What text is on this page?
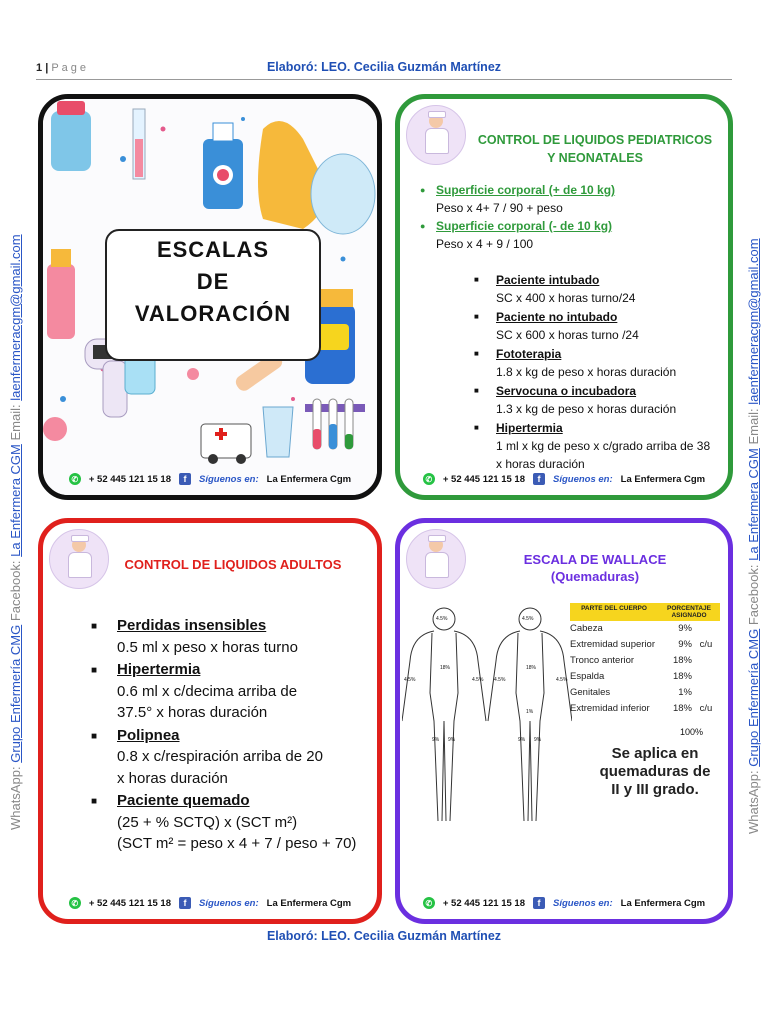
1 | Page	Elaboró: LEO. Cecilia Guzmán Martínez
WhatsApp: Grupo Enfermería CMG Facebook: La Enfermera CGM Email: laenfermeracgm@gmail.com
WhatsApp: Grupo Enfermería CMG Facebook: La Enfermera CGM Email: laenfermeracgm@gmail.com
ESCALAS
DE
VALORACIÓN
✆ + 52 445 121 15 18	f	Síguenos en: La Enfermera Cgm
CONTROL DE LIQUIDOS PEDIATRICOS
Y NEONATALES
● Superficie corporal (+ de 10 kg)
Peso x 4+ 7 / 90 + peso
● Superficie corporal (- de 10 kg)
Peso x 4 + 9 / 100
■ Paciente intubado
SC x 400 x horas turno/24
■ Paciente no intubado
SC x 600 x horas turno /24
■ Fototerapia
1.8 x kg de peso x horas duración
■ Servocuna o incubadora
1.3 x kg de peso x horas duración
■ Hipertermia
1 ml x kg de peso x c/grado arriba de 38 x horas duración
✆ + 52 445 121 15 18	f	Síguenos en: La Enfermera Cgm
CONTROL DE LIQUIDOS ADULTOS
■ Perdidas insensibles
0.5 ml x peso x horas turno
■ Hipertermia
0.6 ml x c/decima arriba de
37.5° x horas duración
■ Polipnea
0.8 x c/respiración arriba de 20
x horas duración
■ Paciente quemado
(25 + % SCTQ) x (SCT m²)
(SCT m² = peso x 4 + 7 / peso + 70)
✆ + 52 445 121 15 18	f	Síguenos en: La Enfermera Cgm
ESCALA DE WALLACE
(Quemaduras)
4.5%	4.5%
18%	18%
4.5%	4.5% 4.5%	4.5%
9% 9%	9% 9%
1%
PARTE DEL CUERPO	PORCENTAJE ASIGNADO
Cabeza	9%
Extremidad superior	9% c/u
Tronco anterior	18%
Espalda	18%
Genitales	1%
Extremidad inferior	18% c/u
100%
Se aplica en
quemaduras de
II y III grado.
✆ + 52 445 121 15 18	f	Síguenos en: La Enfermera Cgm
Elaboró: LEO. Cecilia Guzmán Martínez
